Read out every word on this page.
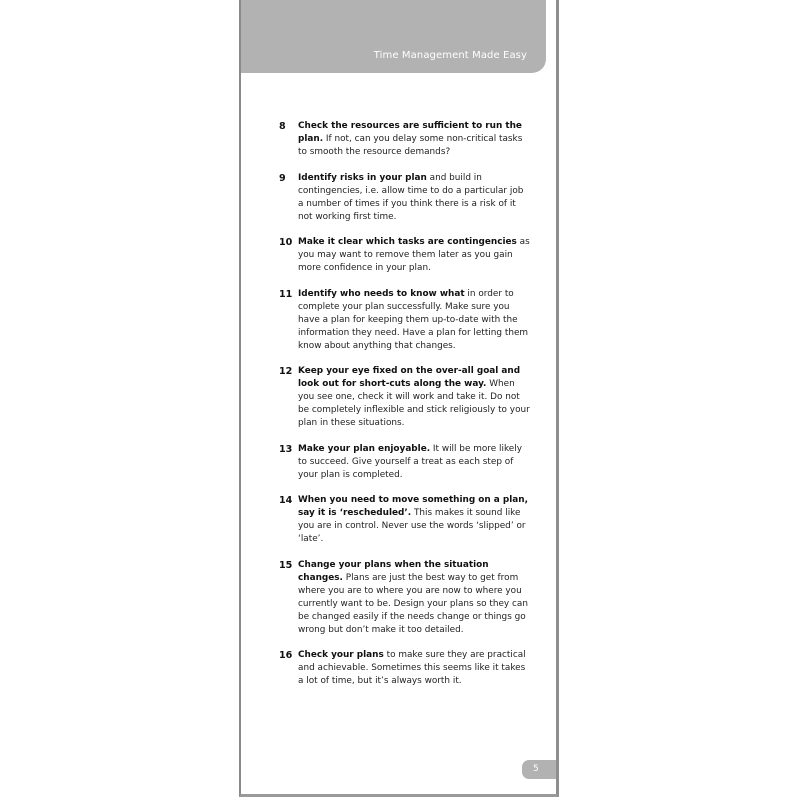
Time Management Made Easy
8	Check the resources are sufficient to run the plan. If not, can you delay some non-critical tasks to smooth the resource demands?
9	Identify risks in your plan and build in contingencies, i.e. allow time to do a particular job a number of times if you think there is a risk of it not working first time.
10 Make it clear which tasks are contingencies as you may want to remove them later as you gain more confidence in your plan.
11 Identify who needs to know what in order to complete your plan successfully. Make sure you have a plan for keeping them up-to-date with the information they need. Have a plan for letting them know about anything that changes.
12 Keep your eye fixed on the over-all goal and look out for short-cuts along the way. When you see one, check it will work and take it. Do not be completely inflexible and stick religiously to your plan in these situations.
13 Make your plan enjoyable. It will be more likely to succeed. Give yourself a treat as each step of your plan is completed.
14 When you need to move something on a plan, say it is ‘rescheduled’. This makes it sound like you are in control. Never use the words ‘slipped’ or ‘late’.
15 Change your plans when the situation changes. Plans are just the best way to get from where you are to where you are now to where you currently want to be. Design your plans so they can be changed easily if the needs change or things go wrong but don’t make it too detailed.
16 Check your plans to make sure they are practical and achievable. Sometimes this seems like it takes a lot of time, but it’s always worth it.
5
